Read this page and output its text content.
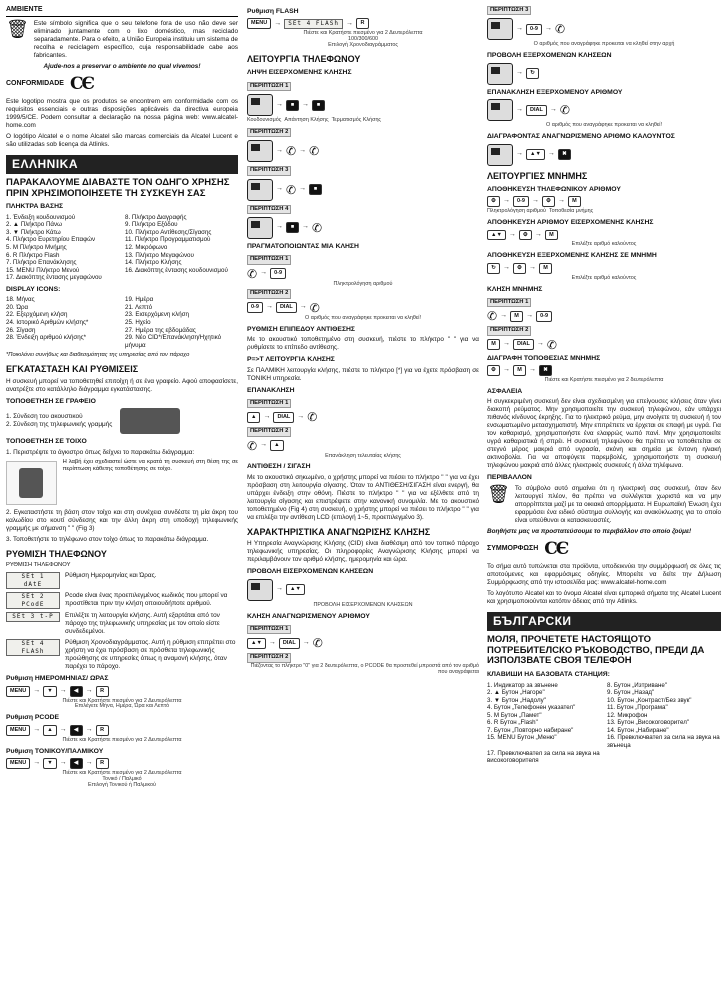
AMBIENTE
🗑 Este símbolo significa que o seu telefone fora de uso não deve ser eliminado juntamente com o lixo doméstico, mas reciclado separadamente. Para o efeito, a União Europeia instituiu um sistema de recolha e reciclagem específico, cuja responsabilidade cabe aos fabricantes.
Ajude-nos a preservar o ambiente no qual vivemos!
CONFORMIDADE CЄ
Este logotipo mostra que os produtos se encontrem em conformidade com os requisitos essenciais e outras disposições aplicáveis da directiva europeia 1999/5/CE. Podem consultar a declaração na nossa página web: www.alcatel-home.com
O logótipo Alcatel e o nome Alcatel são marcas comerciais da Alcatel Lucent e são utilizadas sob licença da Atlinks.
ΕΛΛΗΝΙΚΑ
ΠΑΡΑΚΑΛΟΥΜΕ ΔΙΑΒΑΣΤΕ ΤΟΝ ΟΔΗΓΟ ΧΡΗΣΗΣ ΠΡΙΝ ΧΡΗΣΙΜΟΠΟΙΗΣΕΤΕ ΤΗ ΣΥΣΚΕΥΗ ΣΑΣ
ΠΛΗΚΤΡΑ ΒΑΣΗΣ
1. Ένδειξη κουδουνισμού	8. Πλήκτρο Διαγραφής
2. ▲ Πλήκτρο Πάνω	9. Πλήκτρο Εξόδου
3. ▼ Πλήκτρο Κάτω	10. Πλήκτρο Αντίθεσης/Σίγασης
4. Πλήκτρο Ευρετηρίου Επαφών	11. Πλήκτρο Προγραμματισμού
5. M Πλήκτρο Μνήμης	12. Μικρόφωνο
6. R Πλήκτρο Flash	13. Πλήκτρο Μεγαφώνου
7. Πλήκτρο Επανάκλησης	14. Πλήκτρο Κλήσης
15. MENU Πλήκτρο Μενού	16. Διακόπτης έντασης κουδουνισμού
17. Διακόπτης έντασης μεγαφώνου
DISPLAY ICONS:
18. Μήνας	19. Ημέρα
20. Ώρα	21. Λεπτό
22. Εξερχόμενη κλήση	23. Εισερχόμενη κλήση
24. Ιστορικό Αριθμών κλήσης*	25. Ηχείο
26. Σίγαση	27. Ημέρα της εβδομάδας
28. Ένδειξη αριθμού κλήσης*	29. Νέο CID*/Επανάκληση/Ηχητικό μήνυμα
*Ποικιλόνει συνήθως και διαθεσιμότητας της υπηρεσίας από τον πάροχο
ΕΓΚΑΤΑΣΤΑΣΗ ΚΑΙ ΡΥΘΜΙΣΕΙΣ
Η συσκευή μπορεί να τοποθετηθεί επιτοίχη ή σε ένα γραφείο. Αφού αποφασίσετε, ανατρέξτε στο κατάλληλο διάγραμμα εγκατάστασης.
ΤΟΠΟΘΕΤΗΣΗ ΣΕ ΓΡΑΦΕΙΟ
1. Σύνδεση του ακουστικού
2. Σύνδεση της τηλεφωνικής γραμμής
ΤΟΠΟΘΕΤΗΣΗ ΣΕ ΤΟΙΧΟ
1. Περιστρέψτε το άγκιστρο όπως δείχνει το παρακάτω διάγραμμα:
Η λαβή έχει σχεδιαστεί ώστε να κρατά τη συσκευή στη θέση της σε περίπτωση κάθετης τοποθέτησης σε τοίχο.
2. Εγκαταστήστε τη βάση στον τοίχο και στη συνέχεια συνδέστε τη μία άκρη του καλωδίου στο κουτί σύνδεσης και την άλλη άκρη στη υποδοχή τηλεφωνικής γραμμής με σήμανση " " (Fig 3)
3. Τοποθετήστε το τηλέφωνο στον τοίχο όπως το παρακάτω διάγραμμα.
ΡΥΘΜΙΣΗ ΤΗΛΕΦΩΝΟΥ
ΡΥΘΜΙΣΗ ΤΗΛΕΦΩΝΟΥ
SEt 1 dAtE
Ρύθμιση Ημερομηνίας και Ώρας.
SEt 2 PCodE
Pcode είναι ένας προεπιλεγμένος κωδικός που μπορεί να προστίθεται πριν την κλήση οποιουδήποτε αριθμού.
SEt 3 t-P	Επιλέξτε τη λειτουργία κλήσης. Αυτή εξαρτάται από τον πάροχο της τηλεφωνικής υπηρεσίας με τον οποίο είστε συνδεδεμένοι.
SEt 4 FLASh
Ρύθμιση Χρονοδιαγράμματος. Αυτή η ρύθμιση επιτρέπει στο χρήστη να έχει πρόσβαση σε πρόσθετα τηλεφωνικής προώθησης σε υπηρεσίες όπως η αναμονή κλήσης, όταν παρέχει το πάροχο.
Ρυθμιση ΗΜΕΡΟΜΗΝΙΑΣ/ ΩΡΑΣ
MENU	→	▼	→	◀	→	R
Πιέστε και Κρατήστε πιεσμένο για 2 Δευτερόλεπτα
Επιλέγετε Μήνα, Ημέρα, Ώρα και Λεπτό
Ρυθμιση PCODE
MENU	→	▲	→	◀	→	R
Πιέστε και Κρατήστε πιεσμένο για 2 Δευτερόλεπτα
Ρυθμιση ΤΟΝΙΚΟΥ/ΠΑΛΜΙΚΟΥ
MENU	→	▼	→	◀	→	R
Πιέστε και Κρατήστε πιεσμένο για 2 Δευτερόλεπτα
Τονικό / Παλμικό
Επιλογή Τονικού ή Παλμικού
Ρυθμιση FLASH
MENU	→	SEt 4 FLASh	→	R
Πιέστε και Κρατήστε πιεσμένο για 2 Δευτερόλεπτα
100/300/600
Επιλογή Χρονοδιαγράμματος
ΛΕΙΤΟΥΡΓΙΑ ΤΗΛΕΦΩΝΟΥ
ΛΗΨΗ ΕΙΣΕΡΧΟΜΕΝΗΣ ΚΛΗΣΗΣ
ΠΕΡΙΠΤΩΣΗ 1
→	■	→	■
Κουδουνισμός Απάντηση Κλήσης Τερματισμός Κλήσης
ΠΕΡΙΠΤΩΣΗ 2
→ ✆ → ✆
ΠΕΡΙΠΤΩΣΗ 3
→ ✆ →	■
ΠΕΡΙΠΤΩΣΗ 4
→	■	→ ✆
ΠΡΑΓΜΑΤΟΠΟΙΩΝΤΑΣ ΜΙΑ ΚΛΗΣΗ
ΠΕΡΙΠΤΩΣΗ 1
✆ →	0-9
Πληκτρολόγηση αριθμού
ΠΕΡΙΠΤΩΣΗ 2
0-9	→	DIAL	→ ✆
Ο αριθμός που αναγράφηκε προκειται να κληθεί!
ΡΥΘΜΙΣΗ ΕΠΙΠΕΔΟΥ ΑΝΤΙΘΕΣΗΣ
Με το ακουστικό τοποθετημένο στη συσκευή, πιέστε το πλήκτρο " " για να ρυθμίσετε το επίπεδο αντίθεσης.
P=>T ΛΕΙΤΟΥΡΓΙΑ ΚΛΗΣΗΣ
Σε ΠΑΛΜΙΚΗ λειτουργία κλήσης, πιέστε το πλήκτρο [*] για να έχετε πρόσβαση σε ΤΟΝΙΚΗ υπηρεσία.
ΕΠΑΝΑΚΛΗΣΗ
ΠΕΡΙΠΤΩΣΗ 1
▲	→	DIAL	→ ✆
ΠΕΡΙΠΤΩΣΗ 2
✆ →	▲
Επανάκληση τελευταίας κλήσης
ΑΝΤΙΘΕΣΗ / ΣΙΓΑΣΗ
Με το ακουστικό σηκωμένο, ο χρήστης μπορεί να πιέσει το πλήκτρο " " για να έχει πρόσβαση στη λειτουργία σίγασης. Όταν το ΑΝΤΙΘΕΣΗ/ΣΙΓΑΣΗ είναι ενεργή, θα υπάρχει ένδειξη στην οθόνη. Πιέστε το πλήκτρο " " για να εξέλθετε από τη λειτουργία σίγασης και επιστρέψετε στην κανονική συνομιλία. Με το ακουστικό τοποθετημένο (Fig 4) στη συσκευή, ο χρήστης μπορεί να πιέσει το πλήκτρο " " για να επιλέξει την αντίθεση LCD (επιλογή 1~5, προεπιλεγμένο 3).
ΧΑΡΑΚΤΗΡΙΣΤΙΚΑ ΑΝΑΓΝΩΡΙΣΗΣ ΚΛΗΣΗΣ
Η Υπηρεσία Αναγνώρισης Κλήσης (CID) είναι διαθέσιμη από τον τοπικό πάροχο τηλεφωνικής υπηρεσίας. Οι πληροφορίες Αναγνώρισης Κλήσης μπορεί να περιλαμβάνουν τον αριθμό κλήσης, ημερομηνία και ώρα.
ΠΡΟΒΟΛΗ ΕΙΣΕΡΧΟΜΕΝΩΝ ΚΛΗΣΕΩΝ
→	▲▼
ΠΡΟΒΟΛΗ ΕΙΣΕΡΧΟΜΕΝΩΝ ΚΛΗΣΕΩΝ
ΚΛΗΣΗ ΑΝΑΓΝΩΡΙΣΜΕΝΟΥ ΑΡΙΘΜΟΥ
ΠΕΡΙΠΤΩΣΗ 1
▲▼	→	DIAL	→ ✆
ΠΕΡΙΠΤΩΣΗ 2
Πιέζοντας το πλήκτρο "0" για 2 δευτερόλεπτα, ο PCODE θα προστεθεί μπροστά από τον αριθμό που αναγράφεται
ΠΕΡΙΠΤΩΣΗ 3
→	0-9	→ ✆
Ο αριθμός που αναγράφηκε προκειται να κληθεί στην αρχή
ΠΡΟΒΟΛΗ ΕΞΕΡΧΟΜΕΝΩΝ ΚΛΗΣΕΩΝ
→	↻
ΕΠΑΝΑΚΛΗΣΗ ΕΞΕΡΧΟΜΕΝΟΥ ΑΡΙΘΜΟΥ
→	DIAL	→ ✆
Ο αριθμός που αναγράφηκε προκειται να κληθεί!
ΔΙΑΓΡΑΦΟΝΤΑΣ ΑΝΑΓΝΩΡΙΣΜΕΝΟ ΑΡΙΘΜΟ ΚΑΛΟΥΝΤΟΣ
→	▲▼	→	✖
ΛΕΙΤΟΥΡΓΙΕΣ ΜΝΗΜΗΣ
ΑΠΟΘΗΚΕΥΣΗ ΤΗΛΕΦΩΝΙΚΟΥ ΑΡΙΘΜΟΥ
⚙	→	0-9	→	⚙	→	M
Πληκτρολόγηση αριθμού Τοποθεσία μνήμης
ΑΠΟΘΗΚΕΥΣΗ ΑΡΙΘΜΟΥ ΕΙΣΕΡΧΟΜΕΝΗΣ ΚΛΗΣΗΣ
▲▼	→	⚙	→	M
Επιλέξτε αριθμό καλούντος
ΑΠΟΘΗΚΕΥΣΗ ΕΞΕΡΧΟΜΕΝΗΣ ΚΛΗΣΗΣ ΣΕ ΜΝΗΜΗ
↻	→	⚙	→	M
Επιλέξτε αριθμό καλούντος
ΚΛΗΣΗ ΜΝΗΜΗΣ
ΠΕΡΙΠΤΩΣΗ 1
✆ →	M	→	0-9
ΠΕΡΙΠΤΩΣΗ 2
M	→	DIAL	→ ✆
ΔΙΑΓΡΑΦΗ ΤΟΠΟΘΕΣΙΑΣ ΜΝΗΜΗΣ
⚙	→	M	→	✖
Πιέστε και Κρατήστε πιεσμένο για 2 δευτερόλεπτα
ΑΣΦΑΛΕΙΑ
Η συγκεκριμένη συσκευή δεν είναι σχεδιασμένη για επείγουσες κλήσεις όταν γίνει διακοπή ρεύματος. Μην χρησιμοποιείτε την συσκευή τηλεφώνου, εάν υπάρχει πιθανός κίνδυνος έκρηξης. Για το ηλεκτρικό ρεύμα, μην ανοίγετε τη συσκευή ή τον ενσωματωμένο μετασχηματιστή. Μην επιτρέπετε να έρχεται σε επαφή με υγρά. Για τον καθαρισμό, χρησιμοποιήστε ένα ελαφρώς νωπό πανί. Μην χρησιμοποιείτε υγρά καθαριστικά ή σπρέι. Η συσκευή τηλεφώνου θα πρέπει να τοποθετείται σε στεγνό μέρος μακριά από υγρασία, σκόνη και σημεία με έντονη ηλιακή ακτινοβολία. Για να αποφύγετε παρεμβολές, χρησιμοποιήστε τη συσκευή τηλεφώνου μακριά από άλλες ηλεκτρικές συσκευές ή άλλα τηλέφωνα.
ΠΕΡΙΒΑΛΛΟΝ
🗑 Το σύμβολο αυτό σημαίνει ότι η ηλεκτρική σας συσκευή, όταν δεν λειτουργεί πλέον, θα πρέπει να συλλέγεται χωριστά και να μην απορρίπτεται μαζί με τα οικιακά απορρίμματα. Η Ευρωπαϊκή Ένωση έχει εφαρμόσει ένα ειδικό σύστημα συλλογής και ανακύκλωσης για το οποίο είναι υπεύθυνοι οι κατασκευαστές.
Βοηθήστε μας να προστατεύσουμε το περιβάλλον στο οποίο ζούμε!
ΣΥΜΜΟΡΦΩΣΗ CЄ
Το σήμα αυτό τυπώνεται στα προϊόντα, υποδεικνύει την συμμόρφωσή σε όλες τις αποτούμενες και εφαρμόσιμες οδηγίες. Μπορείτε να δείτε την Δήλωση Συμμόρφωσης από την ιστοσελίδα μας: www.alcatel-home.com
Το λογότυπο Alcatel και το όνομα Alcatel είναι εμπορικά σήματα της Alcatel Lucent και χρησιμοποιούνται κατόπιν άδειας από την Atlinks.
БЪЛГАРСКИ
МОЛЯ, ПРОЧЕТЕТЕ НАСТОЯЩОТО ПОТРЕБИТЕЛСКО РЪКОВОДСТВО, ПРЕДИ ДА ИЗПОЛЗВАТЕ СВОЯ ТЕЛЕФОН
КЛАВИШИ НА БАЗОВАТА СТАНЦИЯ:
1. Индикатор за звънене	8. Бутон „Изтриване"
2. ▲ Бутон „Нагоре"	9. Бутон „Назад"
3. ▼ Бутон „Надолу"	10. Бутон „Контраст/Без звук"
4. Бутон „Телефонен указател"	11. Бутон „Програма"
5. M Бутон „Памет"	12. Микрофон
6. R Бутон „Flash"	13. Бутон „Високоговорител"
7. Бутон „Повторно набиране"	14. Бутон „Набиране"
15. MENU Бутон „Меню"	16. Превключвател за сила на звука на звънеца
17. Превключвател за сила на звука на високоговорителя
